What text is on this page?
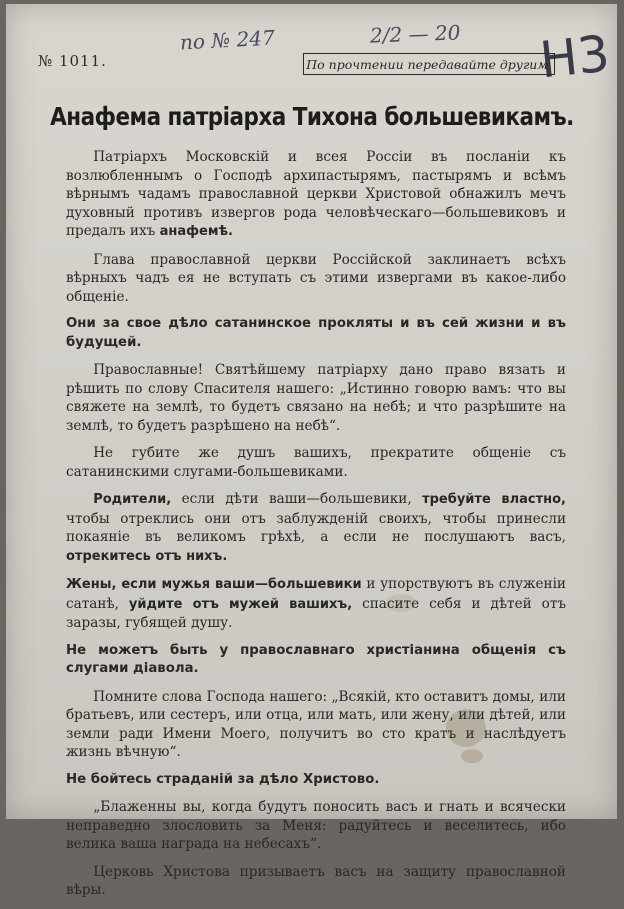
по № 247	2/2 — 20 Н3
№ 1011.	По прочтении передавайте другим.
Анафема патріарха Тихона большевикамъ.

Патріархъ Московскій и всея Россіи въ посланіи къ возлюбленнымъ о Господѣ архипастырямъ, пастырямъ и всѣмъ вѣрнымъ чадамъ православной церкви Христовой обнажилъ мечъ духовный противъ извергов рода человѣческаго—большевиковъ и предалъ ихъ анафемѣ.

Глава православной церкви Россійской заклинаетъ всѣхъ вѣрныхъ чадъ ея не вступать съ этими извергами въ какое-либо общеніе.

Они за свое дѣло сатанинское прокляты и въ сей жизни и въ будущей.

Православные! Святѣйшему патріарху дано право вязать и рѣшить по слову Спасителя нашего: „Истинно говорю вамъ: что вы свяжете на землѣ, то будетъ связано на небѣ; и что разрѣшите на землѣ, то будетъ разрѣшено на небѣ“.

Не губите же душъ вашихъ, прекратите общеніе съ сатанинскими слугами-большевиками.

Родители, если дѣти ваши—большевики, требуйте властно, чтобы отреклись они отъ заблужденій своихъ, чтобы принесли покаяніе въ великомъ грѣхѣ, а если не послушаютъ васъ, отрекитесь отъ нихъ.

Жены, если мужья ваши—большевики и упорствуютъ въ служеніи сатанѣ, уйдите отъ мужей вашихъ, спасите себя и дѣтей отъ заразы, губящей душу.

Не можетъ быть у православнаго христіанина общенія съ слугами діавола.

Помните слова Господа нашего: „Всякій, кто оставитъ домы, или братьевъ, или сестеръ, или отца, или мать, или жену, или дѣтей, или земли ради Имени Моего, получитъ во сто кратъ и наслѣдуетъ жизнь вѣчную“.

Не бойтесь страданій за дѣло Христово.

„Блаженны вы, когда будутъ поносить васъ и гнать и всячески неправедно злословить за Меня: радуйтесь и веселитесь, ибо велика ваша награда на небесахъ“.

Церковь Христова призываетъ васъ на защиту православной вѣры.
